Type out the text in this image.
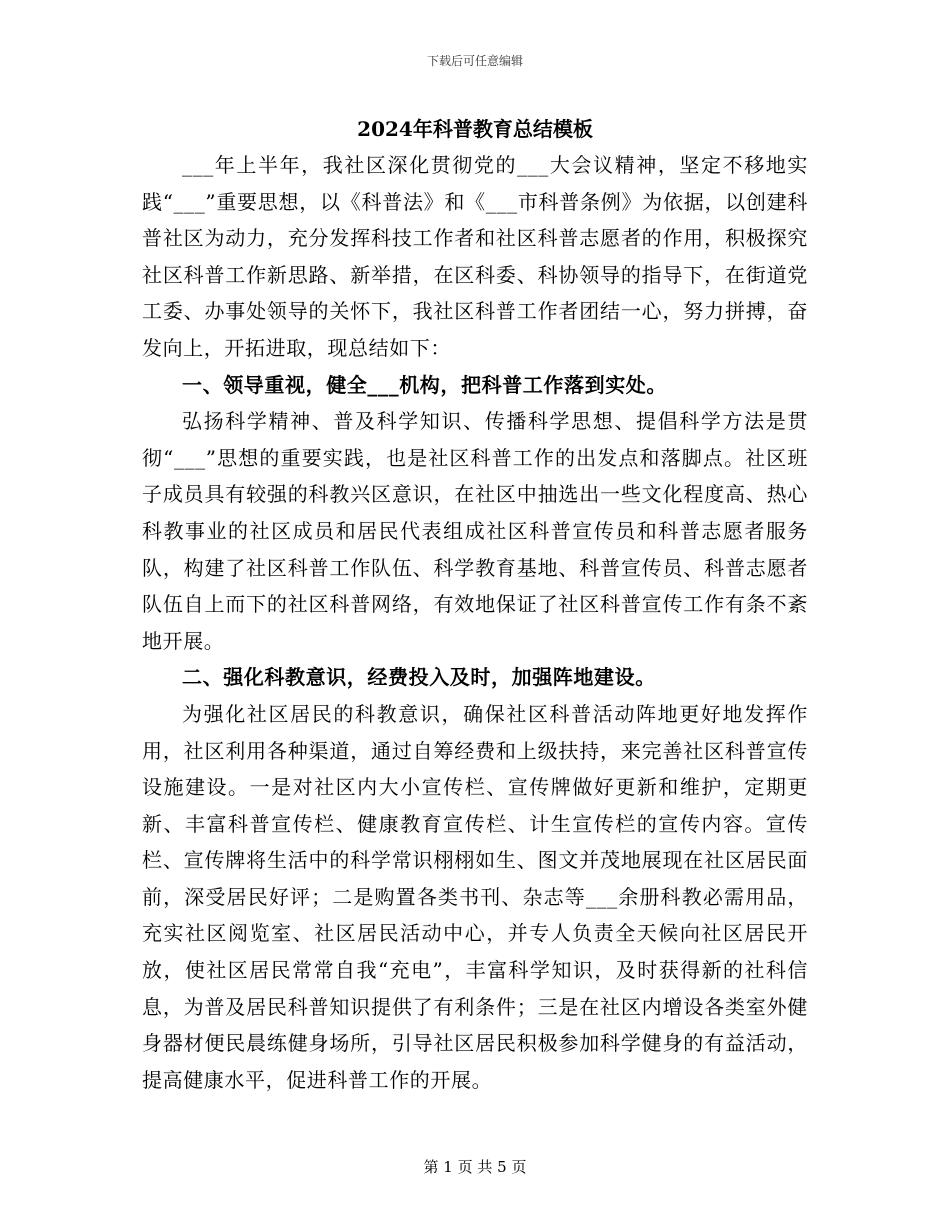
下载后可任意编辑
2024年科普教育总结模板

___年上半年，我社区深化贯彻党的___大会议精神，坚定不移地实践“___”重要思想，以《科普法》和《___市科普条例》为依据，以创建科普社区为动力，充分发挥科技工作者和社区科普志愿者的作用，积极探究社区科普工作新思路、新举措，在区科委、科协领导的指导下，在街道党工委、办事处领导的关怀下，我社区科普工作者团结一心，努力拼搏，奋发向上，开拓进取，现总结如下：

一、领导重视，健全___机构，把科普工作落到实处。

弘扬科学精神、普及科学知识、传播科学思想、提倡科学方法是贯彻“___”思想的重要实践，也是社区科普工作的出发点和落脚点。社区班子成员具有较强的科教兴区意识，在社区中抽选出一些文化程度高、热心科教事业的社区成员和居民代表组成社区科普宣传员和科普志愿者服务队，构建了社区科普工作队伍、科学教育基地、科普宣传员、科普志愿者队伍自上而下的社区科普网络，有效地保证了社区科普宣传工作有条不紊地开展。

二、强化科教意识，经费投入及时，加强阵地建设。

为强化社区居民的科教意识，确保社区科普活动阵地更好地发挥作用，社区利用各种渠道，通过自筹经费和上级扶持，来完善社区科普宣传设施建设。一是对社区内大小宣传栏、宣传牌做好更新和维护，定期更新、丰富科普宣传栏、健康教育宣传栏、计生宣传栏的宣传内容。宣传栏、宣传牌将生活中的科学常识栩栩如生、图文并茂地展现在社区居民面前，深受居民好评；二是购置各类书刊、杂志等___余册科教必需用品，充实社区阅览室、社区居民活动中心，并专人负责全天候向社区居民开放，使社区居民常常自我“充电”，丰富科学知识，及时获得新的社科信息，为普及居民科普知识提供了有利条件；三是在社区内增设各类室外健身器材便民晨练健身场所，引导社区居民积极参加科学健身的有益活动，提高健康水平，促进科普工作的开展。

第 1 页 共 5 页
